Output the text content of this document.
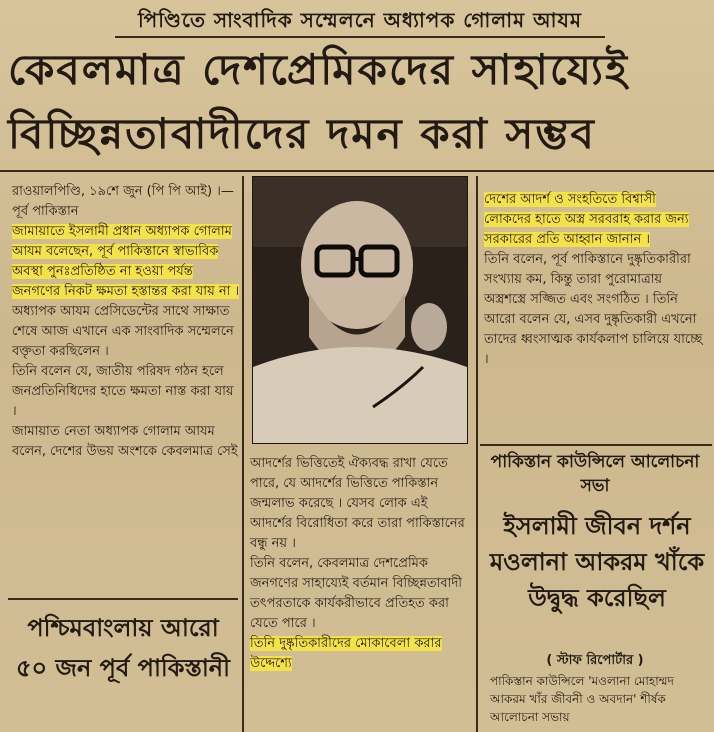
পিণ্ডিতে সাংবাদিক সম্মেলনে অধ্যাপক গোলাম আযম
কেবলমাত্র দেশপ্রেমিকদের সাহায্যেই
বিচ্ছিন্নতাবাদীদের দমন করা সম্ভব

রাওয়ালপিণ্ডি, ১৯শে জুন (পি পি আই) ।—পূর্ব পাকিস্তান

জামায়াতে ইসলামী প্রধান অধ্যাপক গোলাম আযম বলেছেন, পূর্ব পাকিস্তানে স্বাভাবিক অবস্থা পুনঃপ্রতিষ্ঠিত না হওয়া পর্যন্ত জনগণের নিকট ক্ষমতা হস্তান্তর করা যায় না ।

অধ্যাপক আযম প্রেসিডেন্টের সাথে সাক্ষাত শেষে আজ এখানে এক সাংবাদিক সম্মেলনে বক্তৃতা করছিলেন ।

তিনি বলেন যে, জাতীয় পরিষদ গঠন হলে জনপ্রতিনিধিদের হাতে ক্ষমতা নাস্ত করা যায় ।

জামায়াত নেতা অধ্যাপক গোলাম আযম বলেন, দেশের উভয় অংশকে কেবলমাত্র সেই

দেশের আদর্শ ও সংহতিতে বিশ্বাসী লোকদের হাতে অস্ত্র সরবরাহ করার জন্য সরকারের প্রতি আহ্বান জানান ।

তিনি বলেন, পূর্ব পাকিস্তানে দুষ্কৃতিকারীরা সংখ্যায় কম, কিন্তু তারা পুরোমাত্রায় অস্ত্রশস্ত্রে সজ্জিত এবং সংগঠিত । তিনি আরো বলেন যে, এসব দুষ্কৃতিকারী এখনো তাদের ধ্বংসাত্মক কার্যকলাপ চালিয়ে যাচ্ছে ।

আদর্শের ভিত্তিতেই ঐক্যবদ্ধ রাখা যেতে পারে, যে আদর্শের ভিত্তিতে পাকিস্তান জন্মলাভ করেছে । যেসব লোক এই আদর্শের বিরোধিতা করে তারা পাকিস্তানের বন্ধু নয় ।

তিনি বলেন, কেবলমাত্র দেশপ্রেমিক জনগণের সাহায্যেই বর্তমান বিচ্ছিন্নতাবাদী তৎপরতাকে কার্যকরীভাবে প্রতিহত করা যেতে পারে ।

তিনি দুষ্কৃতিকারীদের মোকাবেলা করার উদ্দেশ্যে

পাকিস্তান কাউন্সিলে আলোচনা সভা
ইসলামী জীবন দর্শন মওলানা আকরম খাঁকে উদ্বুদ্ধ করেছিল
( স্টাফ রিপোর্টার )
পাকিস্তান কাউন্সিলে 'মওলানা মোহাম্মদ আকরম খাঁর জীবনী ও অবদান' শীর্ষক আলোচনা সভায়
পশ্চিমবাংলায় আরো ৫০ জন পূর্ব পাকিস্তানী
